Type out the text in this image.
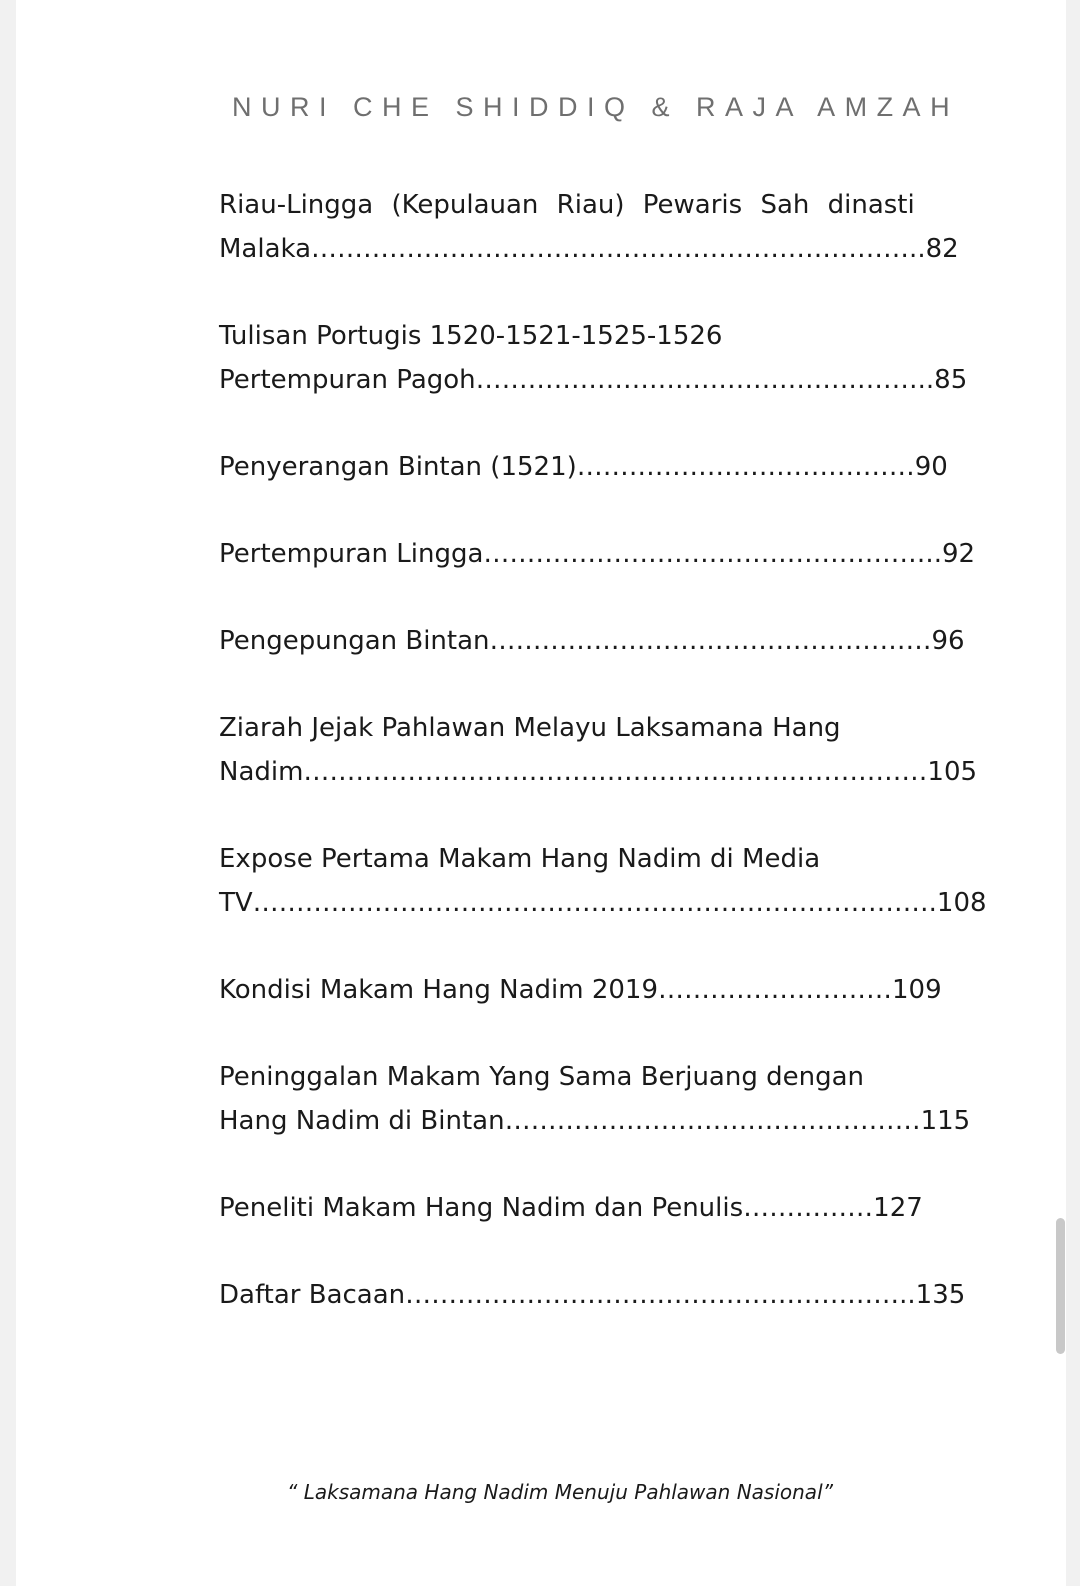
NURI CHE SHIDDIQ & RAJA AMZAH
Riau-Lingga (Kepulauan Riau) Pewaris Sah dinasti
Malaka……………………………………………………………..82
Tulisan Portugis 1520-1521-1525-1526
Pertempuran Pagoh……………………………………………..85
Penyerangan Bintan (1521)…………………………………90
Pertempuran Lingga……………………………………………..92
Pengepungan Bintan……………………………………………96
Ziarah Jejak Pahlawan Melayu Laksamana Hang
Nadim………………………………………………………………105
Expose Pertama Makam Hang Nadim di Media
TV…………………………………………………………………….108
Kondisi Makam Hang Nadim 2019………………………109
Peninggalan Makam Yang Sama Berjuang dengan
Hang Nadim di Bintan…………………………………………115
Peneliti Makam Hang Nadim dan Penulis……………127
Daftar Bacaan…………………………………………………..135
“ Laksamana Hang Nadim Menuju Pahlawan Nasional”
